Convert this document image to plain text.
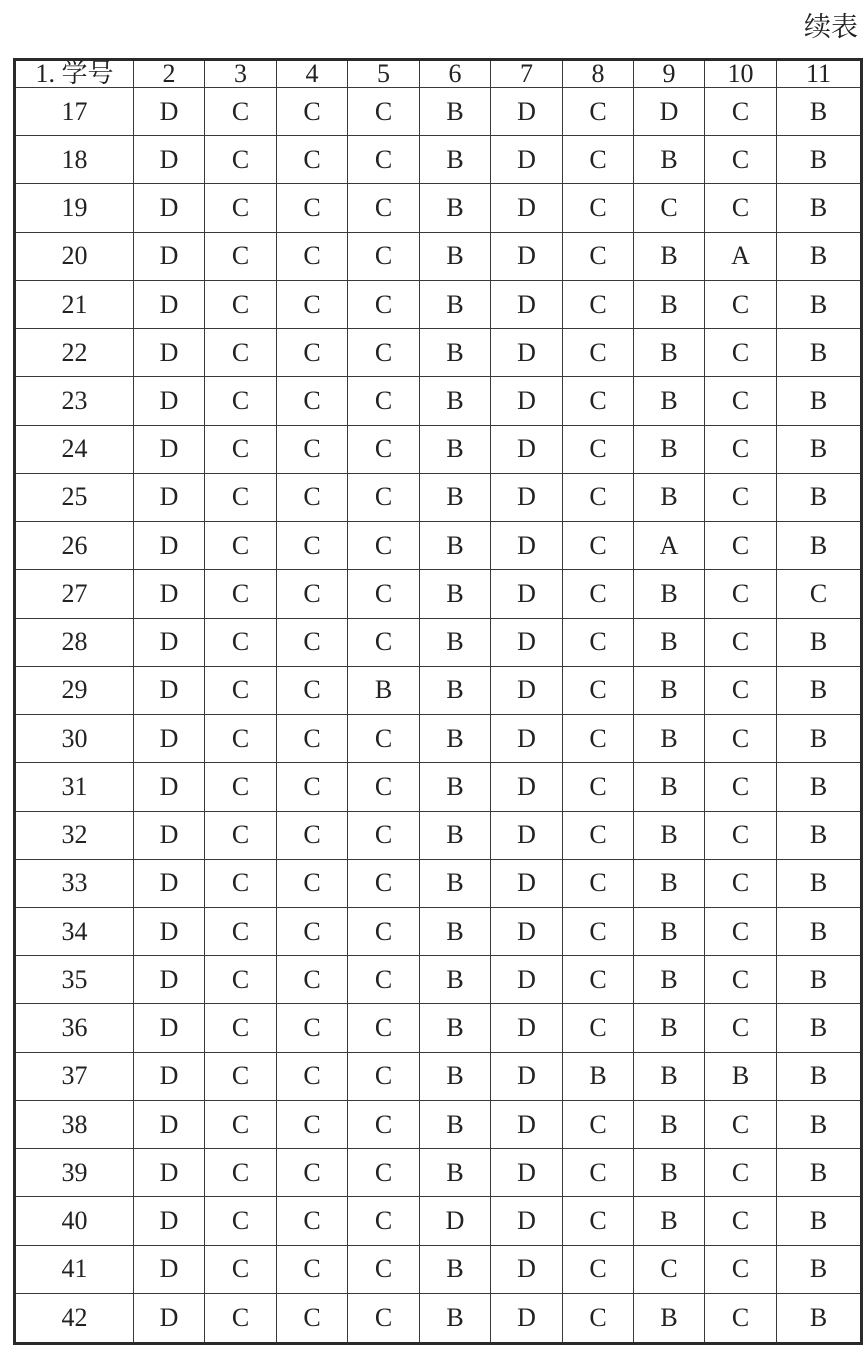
续表
1. 学号	2	3	4	5	6	7	8	9	10	11
17	D	C	C	C	B	D	C	D	C	B
18	D	C	C	C	B	D	C	B	C	B
19	D	C	C	C	B	D	C	C	C	B
20	D	C	C	C	B	D	C	B	A	B
21	D	C	C	C	B	D	C	B	C	B
22	D	C	C	C	B	D	C	B	C	B
23	D	C	C	C	B	D	C	B	C	B
24	D	C	C	C	B	D	C	B	C	B
25	D	C	C	C	B	D	C	B	C	B
26	D	C	C	C	B	D	C	A	C	B
27	D	C	C	C	B	D	C	B	C	C
28	D	C	C	C	B	D	C	B	C	B
29	D	C	C	B	B	D	C	B	C	B
30	D	C	C	C	B	D	C	B	C	B
31	D	C	C	C	B	D	C	B	C	B
32	D	C	C	C	B	D	C	B	C	B
33	D	C	C	C	B	D	C	B	C	B
34	D	C	C	C	B	D	C	B	C	B
35	D	C	C	C	B	D	C	B	C	B
36	D	C	C	C	B	D	C	B	C	B
37	D	C	C	C	B	D	B	B	B	B
38	D	C	C	C	B	D	C	B	C	B
39	D	C	C	C	B	D	C	B	C	B
40	D	C	C	C	D	D	C	B	C	B
41	D	C	C	C	B	D	C	C	C	B
42	D	C	C	C	B	D	C	B	C	B
